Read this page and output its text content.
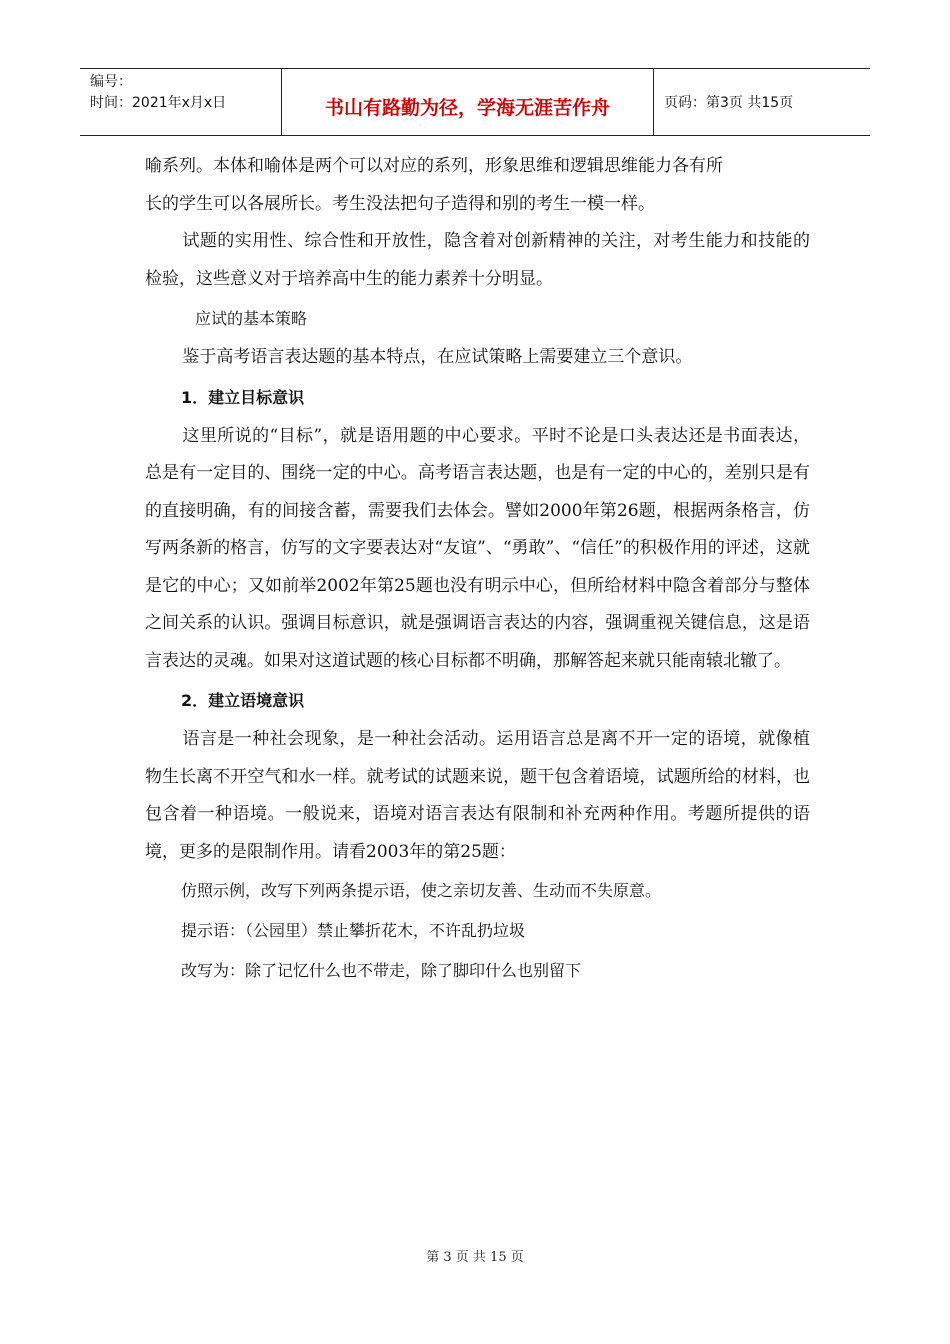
编号：
时间：2021年x月x日	书山有路勤为径，学海无涯苦作舟	页码：第3页 共15页

喻系列。本体和喻体是两个可以对应的系列，形象思维和逻辑思维能力各有所

长的学生可以各展所长。考生没法把句子造得和别的考生一模一样。

试题的实用性、综合性和开放性，隐含着对创新精神的关注，对考生能力和技能的检验，这些意义对于培养高中生的能力素养十分明显。

应试的基本策略

鉴于高考语言表达题的基本特点，在应试策略上需要建立三个意识。

1．建立目标意识

这里所说的“目标”，就是语用题的中心要求。平时不论是口头表达还是书面表达，总是有一定目的、围绕一定的中心。高考语言表达题，也是有一定的中心的，差别只是有的直接明确，有的间接含蓄，需要我们去体会。譬如2000年第26题，根据两条格言，仿写两条新的格言，仿写的文字要表达对“友谊”、“勇敢”、“信任”的积极作用的评述，这就是它的中心；又如前举2002年第25题也没有明示中心，但所给材料中隐含着部分与整体之间关系的认识。强调目标意识，就是强调语言表达的内容，强调重视关键信息，这是语言表达的灵魂。如果对这道试题的核心目标都不明确，那解答起来就只能南辕北辙了。

2．建立语境意识

语言是一种社会现象，是一种社会活动。运用语言总是离不开一定的语境，就像植物生长离不开空气和水一样。就考试的试题来说，题干包含着语境，试题所给的材料，也包含着一种语境。一般说来，语境对语言表达有限制和补充两种作用。考题所提供的语境，更多的是限制作用。请看2003年的第25题：

仿照示例，改写下列两条提示语，使之亲切友善、生动而不失原意。

提示语：（公园里）禁止攀折花木，不许乱扔垃圾

改写为：除了记忆什么也不带走，除了脚印什么也别留下

第 3 页 共 15 页
